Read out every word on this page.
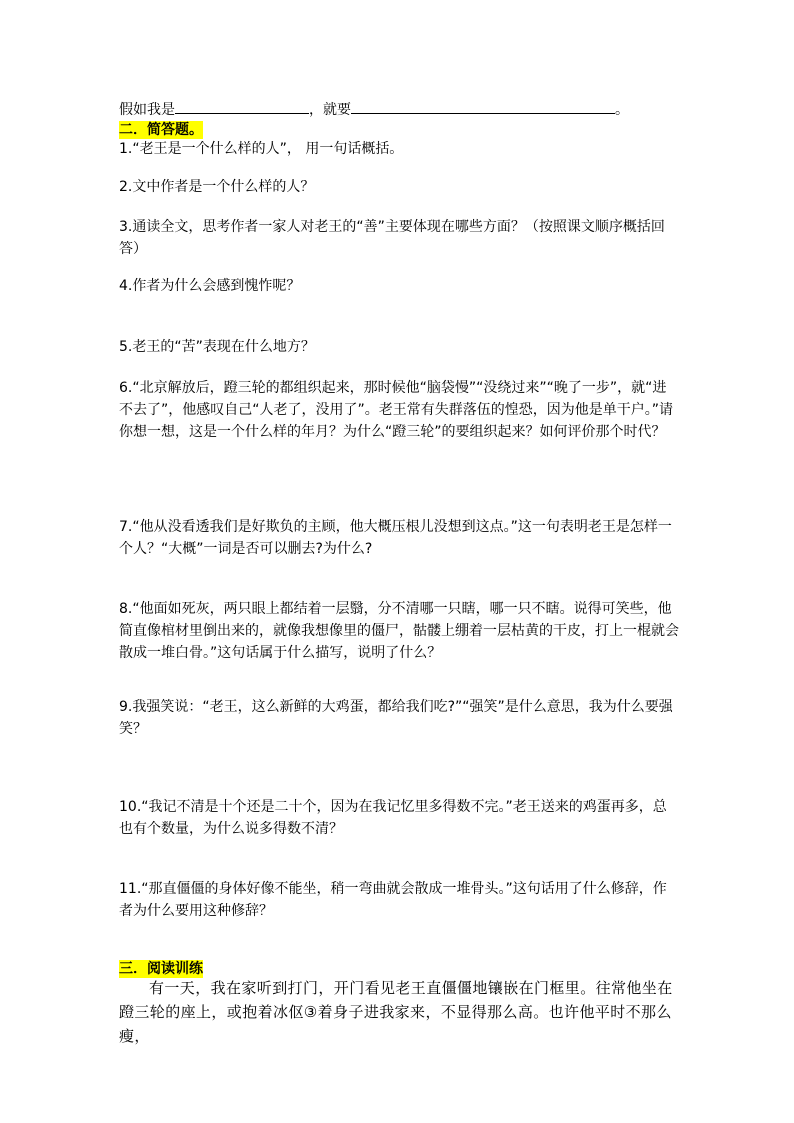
假如我是	，就要	。
二．简答题。
1.“老王是一个什么样的人”， 用一句话概括。
2.文中作者是一个什么样的人？
3.通读全文，思考作者一家人对老王的“善”主要体现在哪些方面？（按照课文顺序概括回答）
4.作者为什么会感到愧怍呢？
5.老王的“苦”表现在什么地方？
6.“北京解放后，蹬三轮的都组织起来，那时候他“脑袋慢”“没绕过来”“晚了一步”，就“进不去了”，他感叹自己“人老了，没用了”。老王常有失群落伍的惶恐，因为他是单干户。”请你想一想，这是一个什么样的年月？为什么“蹬三轮”的要组织起来？如何评价那个时代？
7.“他从没看透我们是好欺负的主顾，他大概压根儿没想到这点。”这一句表明老王是怎样一个人？“大概”一词是否可以删去?为什么?
8.“他面如死灰，两只眼上都结着一层翳，分不清哪一只瞎，哪一只不瞎。说得可笑些，他简直像棺材里倒出来的，就像我想像里的僵尸，骷髅上绷着一层枯黄的干皮，打上一棍就会散成一堆白骨。”这句话属于什么描写，说明了什么？
9.我强笑说：“老王，这么新鲜的大鸡蛋，都给我们吃?”“强笑”是什么意思，我为什么要强笑？
10.“我记不清是十个还是二十个，因为在我记忆里多得数不完。”老王送来的鸡蛋再多，总也有个数量，为什么说多得数不清？
11.“那直僵僵的身体好像不能坐，稍一弯曲就会散成一堆骨头。”这句话用了什么修辞，作者为什么要用这种修辞？
三．阅读训练
有一天，我在家听到打门，开门看见老王直僵僵地镶嵌在门框里。往常他坐在蹬三轮的座上，或抱着冰伛③着身子进我家来，不显得那么高。也许他平时不那么瘦，
